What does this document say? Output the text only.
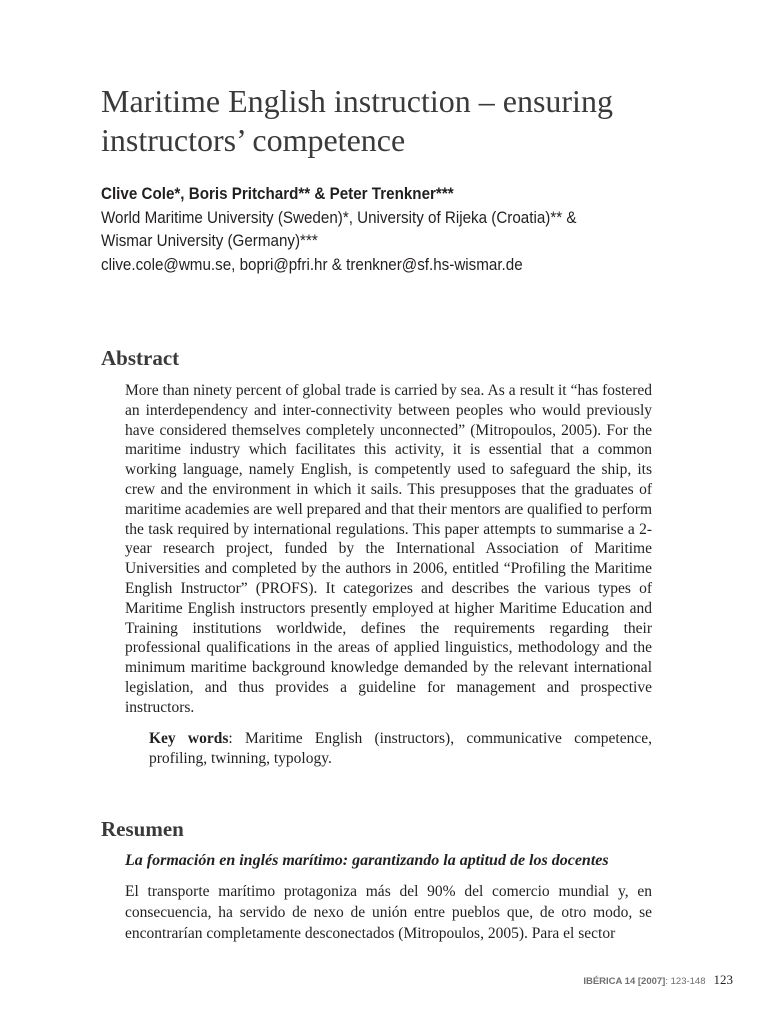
Maritime English instruction – ensuring
instructors’ competence
Clive Cole*, Boris Pritchard** & Peter Trenkner***
World Maritime University (Sweden)*, University of Rijeka (Croatia)** &
Wismar University (Germany)***
clive.cole@wmu.se, bopri@pfri.hr & trenkner@sf.hs-wismar.de
Abstract

More than ninety percent of global trade is carried by sea. As a result it “has fostered an interdependency and inter-connectivity between peoples who would previously have considered themselves completely unconnected” (Mitropoulos, 2005). For the maritime industry which facilitates this activity, it is essential that a common working language, namely English, is competently used to safeguard the ship, its crew and the environment in which it sails. This presupposes that the graduates of maritime academies are well prepared and that their mentors are qualified to perform the task required by international regulations. This paper attempts to summarise a 2-year research project, funded by the International Association of Maritime Universities and completed by the authors in 2006, entitled “Profiling the Maritime English Instructor” (PROFS). It categorizes and describes the various types of Maritime English instructors presently employed at higher Maritime Education and Training institutions worldwide, defines the requirements regarding their professional qualifications in the areas of applied linguistics, methodology and the minimum maritime background knowledge demanded by the relevant international legislation, and thus provides a guideline for management and prospective instructors.

Key words: Maritime English (instructors), communicative competence, profiling, twinning, typology.

Resumen

La formación en inglés marítimo: garantizando la aptitud de los docentes

El transporte marítimo protagoniza más del 90% del comercio mundial y, en consecuencia, ha servido de nexo de unión entre pueblos que, de otro modo, se encontrarían completamente desconectados (Mitropoulos, 2005). Para el sector

IBÉRICA 14 [2007]: 123-148 123
